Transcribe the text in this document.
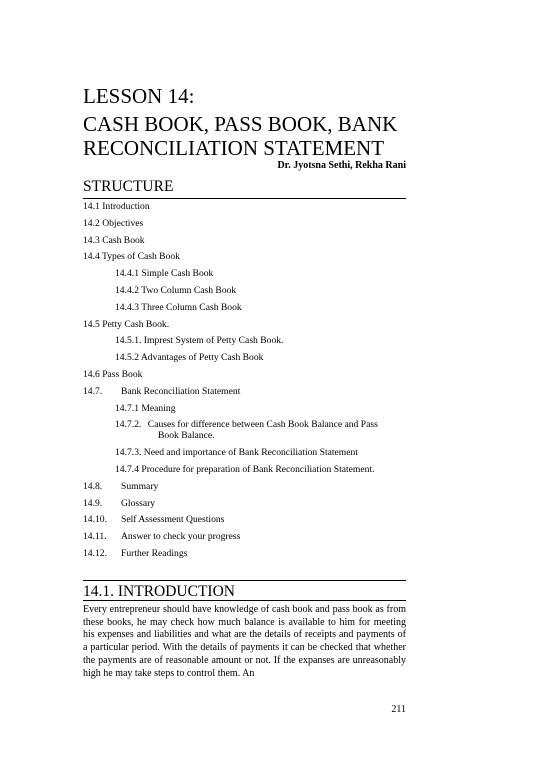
LESSON 14:
CASH BOOK, PASS BOOK, BANK
RECONCILIATION STATEMENT
Dr. Jyotsna Sethi, Rekha Rani
STRUCTURE
14.1 Introduction
14.2 Objectives
14.3 Cash Book
14.4 Types of Cash Book
14.4.1 Simple Cash Book
14.4.2 Two Column Cash Book
14.4.3 Three Column Cash Book
14.5 Petty Cash Book.
14.5.1. Imprest System of Petty Cash Book.
14.5.2 Advantages of Petty Cash Book
14.6 Pass Book
14.7. Bank Reconciliation Statement
14.7.1 Meaning
14.7.2. Causes for difference between Cash Book Balance and Pass
Book Balance.
14.7.3. Need and importance of Bank Reconciliation Statement
14.7.4 Procedure for preparation of Bank Reconciliation Statement.
14.8. Summary
14.9. Glossary
14.10. Self Assessment Questions
14.11. Answer to check your progress
14.12. Further Readings
14.1. INTRODUCTION

Every entrepreneur should have knowledge of cash book and pass book as from these books, he may check how much balance is available to him for meeting his expenses and liabilities and what are the details of receipts and payments of a particular period. With the details of payments it can be checked that whether the payments are of reasonable amount or not. If the expanses are unreasonably high he may take steps to control them. An

211
